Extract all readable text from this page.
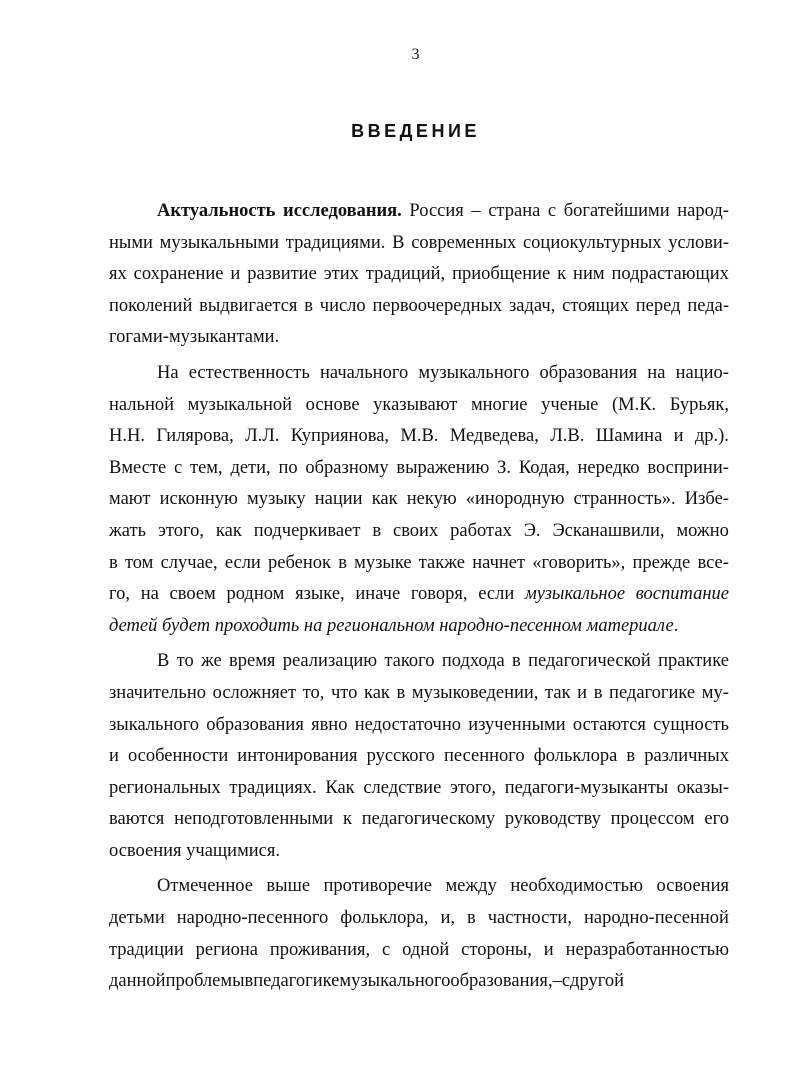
3
ВВЕДЕНИЕ
Актуальность исследования. Россия – страна с богатейшими народ-
ными музыкальными традициями. В современных социокультурных услови-
ях сохранение и развитие этих традиций, приобщение к ним подрастающих
поколений выдвигается в число первоочередных задач, стоящих перед педа-
гогами-музыкантами.
На естественность начального музыкального образования на нацио-
нальной музыкальной основе указывают многие ученые (М.К. Бурьяк,
Н.Н. Гилярова, Л.Л. Куприянова, М.В. Медведева, Л.В. Шамина и др.).
Вместе с тем, дети, по образному выражению З. Кодая, нередко восприни-
мают исконную музыку нации как некую «инородную странность». Избе-
жать этого, как подчеркивает в своих работах Э. Эсканашвили, можно
в том случае, если ребенок в музыке также начнет «говорить», прежде все-
го, на своем родном языке, иначе говоря, если музыкальное воспитание
детей будет проходить на региональном народно-песенном материале .
В то же время реализацию такого подхода в педагогической практике
значительно осложняет то, что как в музыковедении, так и в педагогике му-
зыкального образования явно недостаточно изученными остаются сущность
и особенности интонирования русского песенного фольклора в различных
региональных традициях. Как следствие этого, педагоги-музыканты оказы-
ваются неподготовленными к педагогическому руководству процессом его
освоения учащимися.
Отмеченное выше противоречие между необходимостью освоения
детьми народно-песенного фольклора, и, в частности, народно-песенной
традиции региона проживания, с одной стороны, и неразработанностью
данной проблемы в педагогике музыкального образования, – с другой
